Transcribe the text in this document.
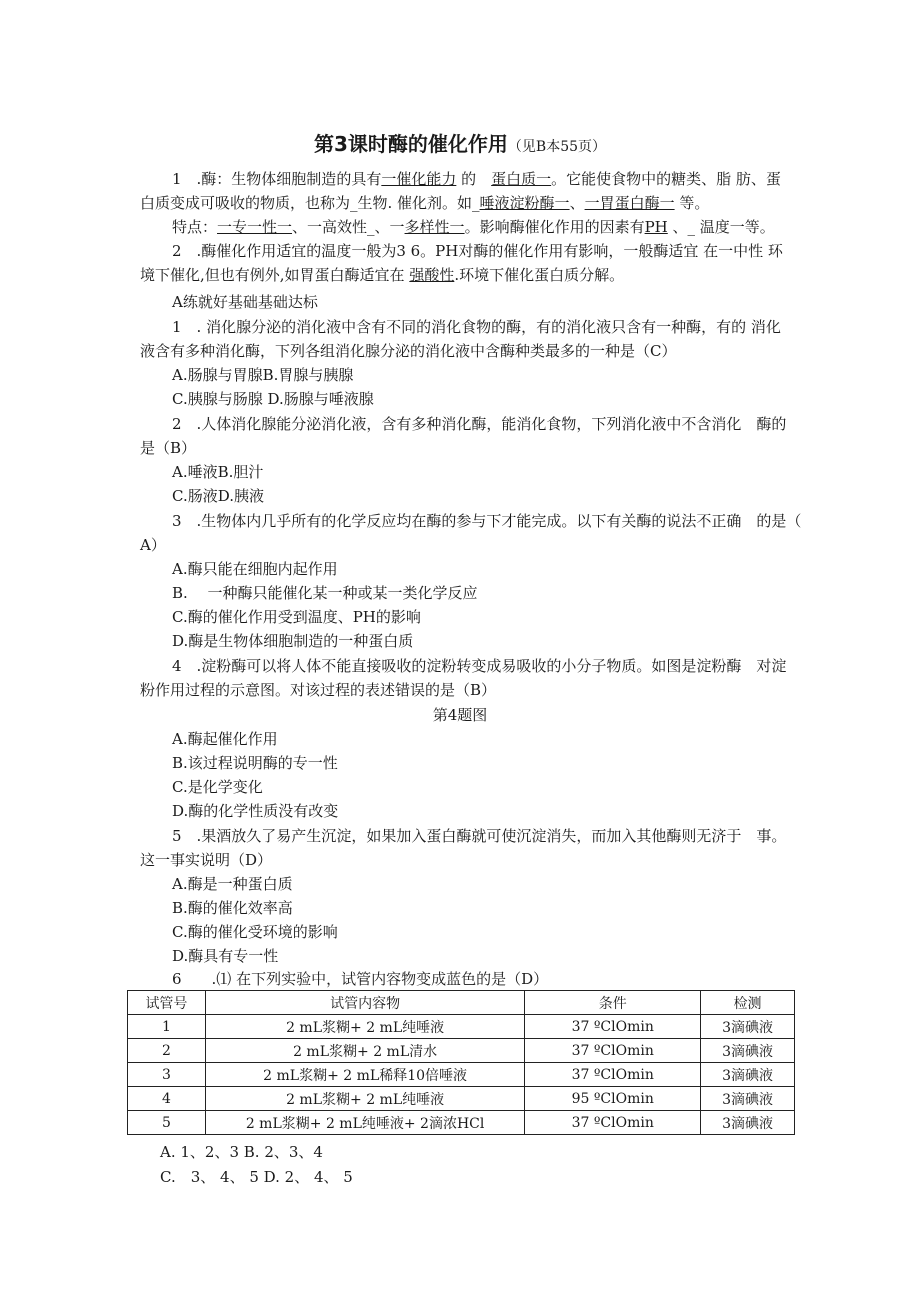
第3课时酶的催化作用（见B本55页）
1　.酶：生物体细胞制造的具有一催化能力 的　蛋白质一。它能使食物中的糖类、脂 肪、蛋
白质变成可吸收的物质，也称为_生物. 催化剂。如_唾液淀粉酶一、一胃蛋白酶一 等。
特点：一专一性一、一高效性_、一多样性一。影响酶催化作用的因素有PH 、_ 温度一等。
2　.酶催化作用适宜的温度一般为3 6。PH对酶的催化作用有影响，一般酶适宜 在一中性 环
境下催化,但也有例外,如胃蛋白酶适宜在 强酸性.环境下催化蛋白质分解。
A练就好基础基础达标
1　. 消化腺分泌的消化液中含有不同的消化食物的酶，有的消化液只含有一种酶，有的 消化
液含有多种消化酶，下列各组消化腺分泌的消化液中含酶种类最多的一种是（C）
A.肠腺与胃腺B.胃腺与胰腺
C.胰腺与肠腺 D.肠腺与唾液腺
2　.人体消化腺能分泌消化液，含有多种消化酶，能消化食物，下列消化液中不含消化　酶的
是（B）
A.唾液B.胆汁
C.肠液D.胰液
3　.生物体内几乎所有的化学反应均在酶的参与下才能完成。以下有关酶的说法不正确　的是（
A）
A.酶只能在细胞内起作用
B.　 一种酶只能催化某一种或某一类化学反应
C.酶的催化作用受到温度、PH的影响
D.酶是生物体细胞制造的一种蛋白质
4　.淀粉酶可以将人体不能直接吸收的淀粉转变成易吸收的小分子物质。如图是淀粉酶　对淀
粉作用过程的示意图。对该过程的表述错误的是（B）
第4题图
A.酶起催化作用
B.该过程说明酶的专一性
C.是化学变化
D.酶的化学性质没有改变
5　.果酒放久了易产生沉淀，如果加入蛋白酶就可使沉淀消失，而加入其他酶则无济于　事。
这一事实说明（D）
A.酶是一种蛋白质
B.酶的催化效率高
C.酶的催化受环境的影响
D.酶具有专一性
6　　.⑴ 在下列实验中，试管内容物变成蓝色的是（D）
试管号	试管内容物	条件	检测
1	2 mL浆糊+ 2 mL纯唾液	37 ºClOmin	3滴碘液
2	2 mL浆糊+ 2 mL清水	37 ºClOmin	3滴碘液
3	2 mL浆糊+ 2 mL稀释10倍唾液	37 ºClOmin	3滴碘液
4	2 mL浆糊+ 2 mL纯唾液	95 ºClOmin	3滴碘液
5	2 mL浆糊+ 2 mL纯唾液+ 2滴浓HCl	37 ºClOmin	3滴碘液
A. 1、2、3 B. 2、3、4
C.　3、 4、 5 D. 2、 4、 5
